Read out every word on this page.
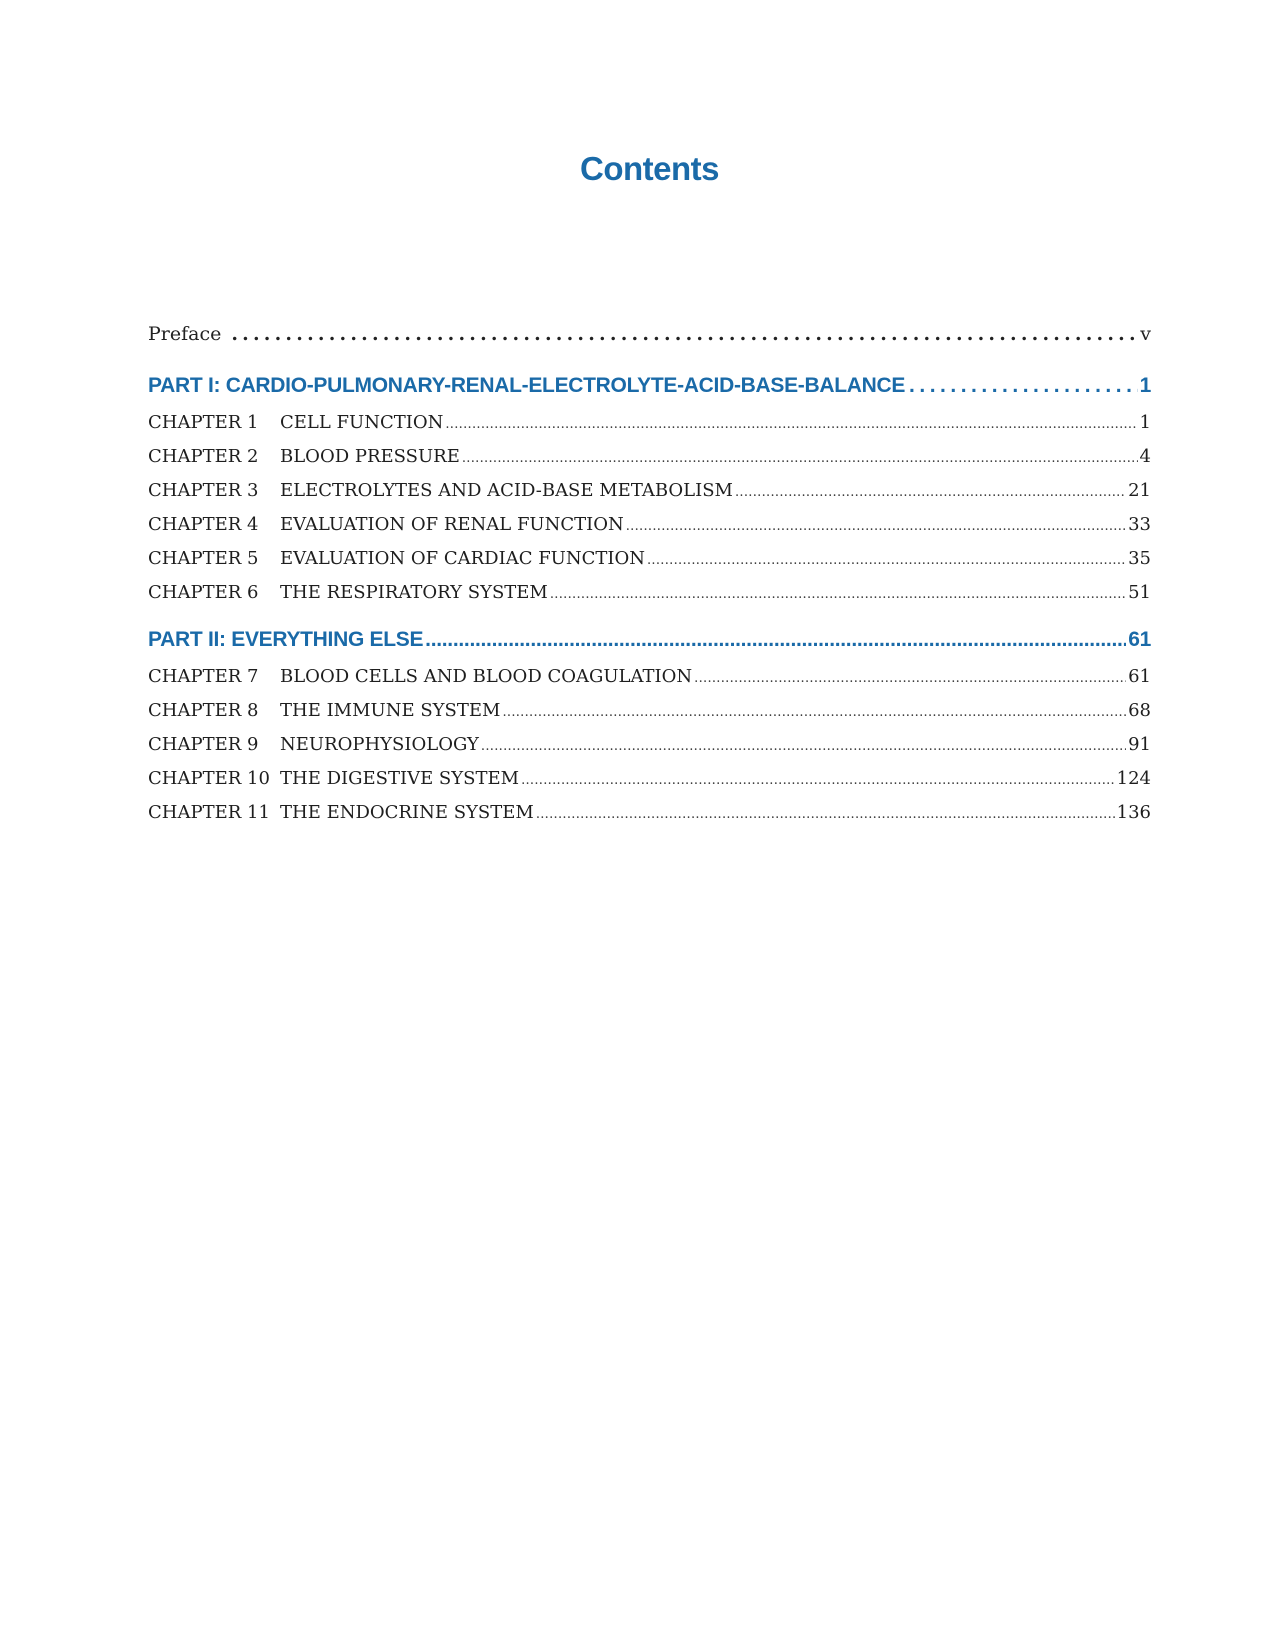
Contents
Preface .....	v
PART I: CARDIO-PULMONARY-RENAL-ELECTROLYTE-ACID-BASE-BALANCE .....	1
CHAPTER 1	CELL FUNCTION .....	1
CHAPTER 2	BLOOD PRESSURE .....	4
CHAPTER 3	ELECTROLYTES AND ACID-BASE METABOLISM .....	21
CHAPTER 4	EVALUATION OF RENAL FUNCTION .....	33
CHAPTER 5	EVALUATION OF CARDIAC FUNCTION .....	35
CHAPTER 6	THE RESPIRATORY SYSTEM .....	51
PART II: EVERYTHING ELSE .....	61
CHAPTER 7	BLOOD CELLS AND BLOOD COAGULATION .....	61
CHAPTER 8	THE IMMUNE SYSTEM .....	68
CHAPTER 9	NEUROPHYSIOLOGY .....	91
CHAPTER 10 THE DIGESTIVE SYSTEM .....	124
CHAPTER 11 THE ENDOCRINE SYSTEM .....	136
